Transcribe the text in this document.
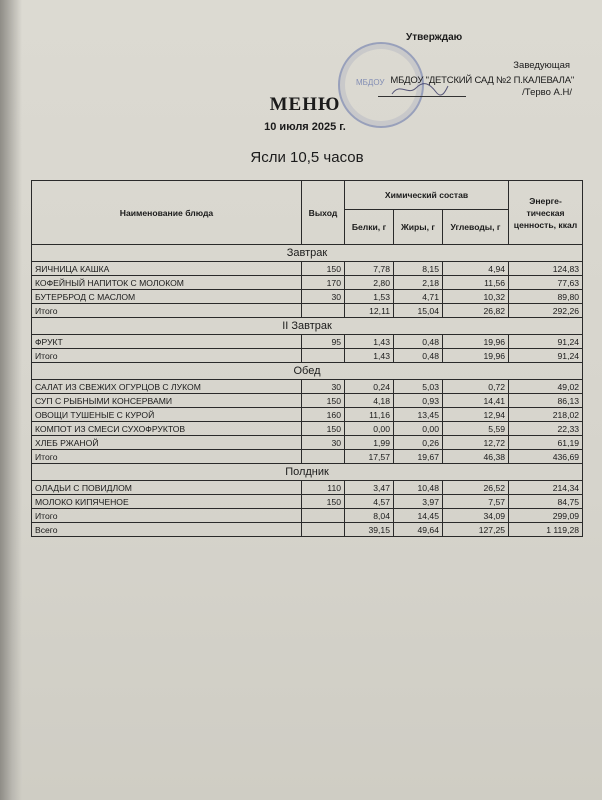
МБДОУ
Утверждаю
Заведующая
МБДОУ "ДЕТСКИЙ САД №2 П.КАЛЕВАЛА"
/Терво А.Н/
МЕНЮ
10 июля 2025 г.
Ясли 10,5 часов
Наименование блюда	Выход	Химический состав			Энерге-тическая ценность, ккал
		Белки, г	Жиры, г	Углеводы, г	
Завтрак					
ЯИЧНИЦА КАШКА	150	7,78	8,15	4,94	124,83
КОФЕЙНЫЙ НАПИТОК С МОЛОКОМ	170	2,80	2,18	11,56	77,63
БУТЕРБРОД С МАСЛОМ	30	1,53	4,71	10,32	89,80
Итого		12,11	15,04	26,82	292,26
II Завтрак					
ФРУКТ	95	1,43	0,48	19,96	91,24
Итого		1,43	0,48	19,96	91,24
Обед					
САЛАТ ИЗ СВЕЖИХ ОГУРЦОВ С ЛУКОМ	30	0,24	5,03	0,72	49,02
СУП С РЫБНЫМИ КОНСЕРВАМИ	150	4,18	0,93	14,41	86,13
ОВОЩИ ТУШЕНЫЕ С КУРОЙ	160	11,16	13,45	12,94	218,02
КОМПОТ ИЗ СМЕСИ СУХОФРУКТОВ	150	0,00	0,00	5,59	22,33
ХЛЕБ РЖАНОЙ	30	1,99	0,26	12,72	61,19
Итого		17,57	19,67	46,38	436,69
Полдник					
ОЛАДЬИ С ПОВИДЛОМ	110	3,47	10,48	26,52	214,34
МОЛОКО КИПЯЧЕНОЕ	150	4,57	3,97	7,57	84,75
Итого		8,04	14,45	34,09	299,09
Всего		39,15	49,64	127,25	1 119,28
